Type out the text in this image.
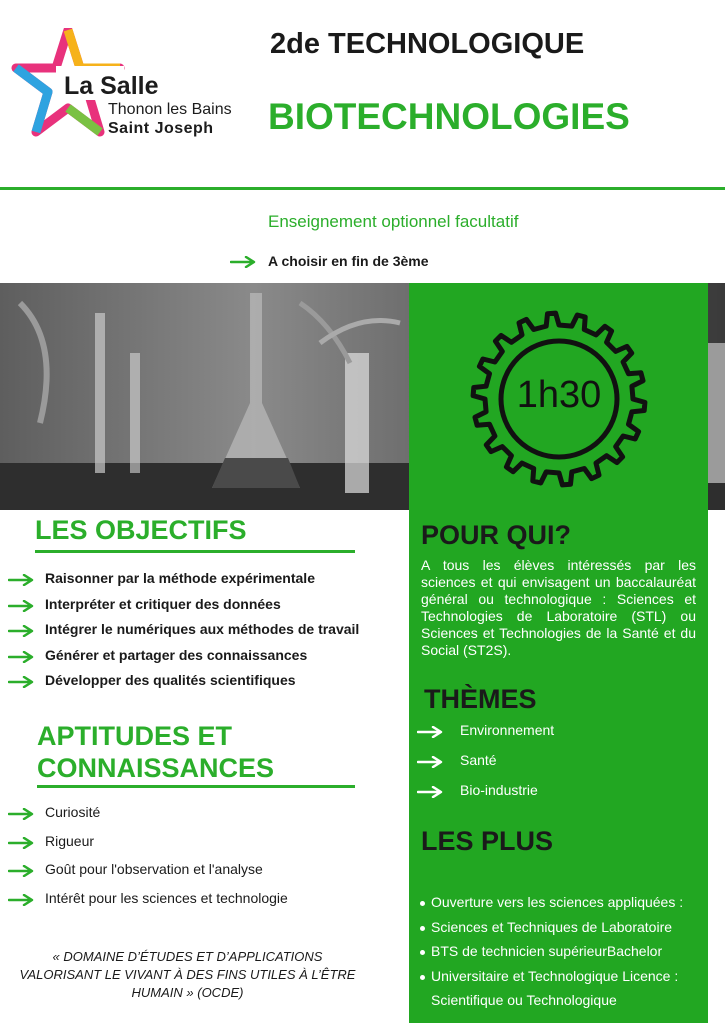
La Salle
Thonon les Bains
Saint Joseph
2de TECHNOLOGIQUE
BIOTECHNOLOGIES
Enseignement optionnel facultatif
A choisir en fin de 3ème
1h30
POUR QUI?
A tous les élèves intéressés par les sciences et qui envisagent un baccalauréat général ou technologique : Sciences et Technologies de Laboratoire (STL) ou Sciences et Technologies de la Santé et du Social (ST2S).
THÈMES
Environnement
Santé
Bio-industrie
LES PLUS
Ouverture vers les sciences appliquées :
Sciences et Techniques de Laboratoire
BTS de technicien supérieurBachelor
Universitaire et Technologique Licence :
Scientifique ou Technologique
LES OBJECTIFS
Raisonner par la méthode expérimentale
Interpréter et critiquer des données
Intégrer le numériques aux méthodes de travail
Générer et partager des connaissances
Développer des qualités scientifiques
APTITUDES ET
CONNAISSANCES
Curiosité
Rigueur
Goût pour l'observation et l'analyse
Intérêt pour les sciences et technologie
« DOMAINE D’ÉTUDES ET D’APPLICATIONS
VALORISANT LE VIVANT À DES FINS UTILES À L’ÊTRE
HUMAIN » (OCDE)
